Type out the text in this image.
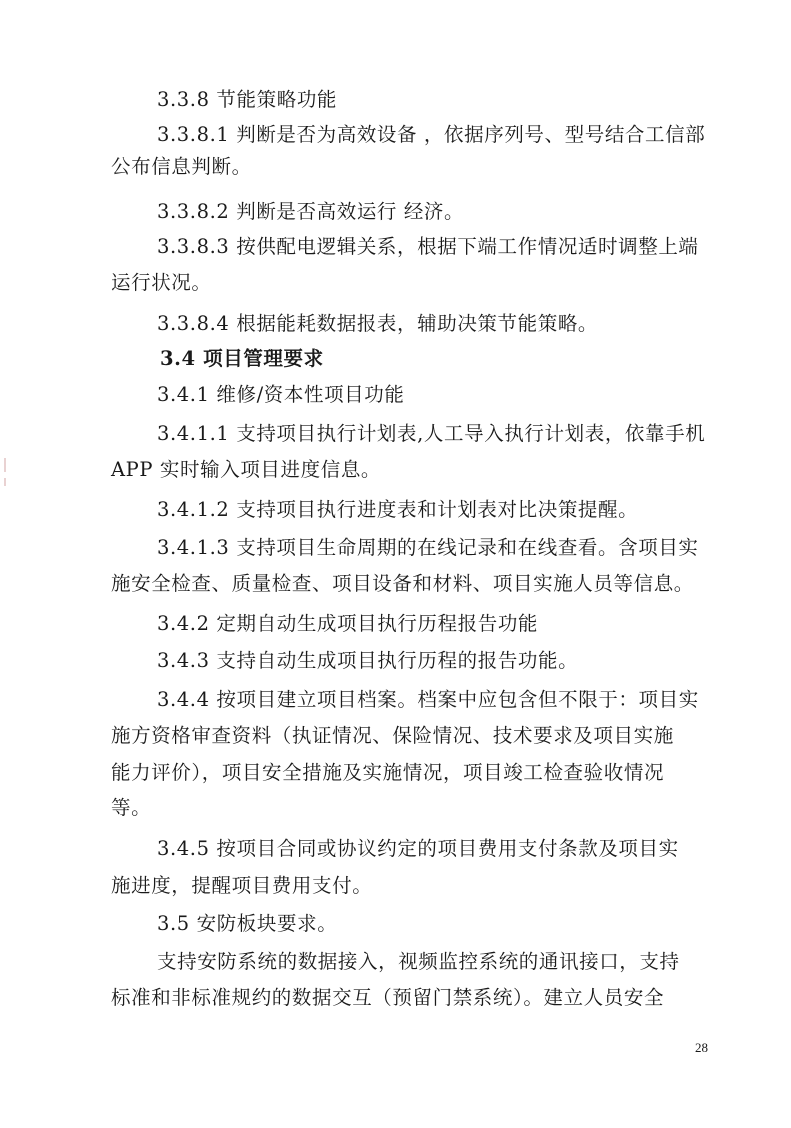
3.3.8 节能策略功能
3.3.8.1 判断是否为高效设备 ，依据序列号、型号结合工信部
公布信息判断。
3.3.8.2 判断是否高效运行 经济。
3.3.8.3 按供配电逻辑关系，根据下端工作情况适时调整上端
运行状况。
3.3.8.4 根据能耗数据报表，辅助决策节能策略。
3.4 项目管理要求
3.4.1 维修/资本性项目功能
3.4.1.1 支持项目执行计划表,人工导入执行计划表，依靠手机
APP 实时输入项目进度信息。
3.4.1.2 支持项目执行进度表和计划表对比决策提醒。
3.4.1.3 支持项目生命周期的在线记录和在线查看。含项目实
施安全检查、质量检查、项目设备和材料、项目实施人员等信息。
3.4.2 定期自动生成项目执行历程报告功能
3.4.3 支持自动生成项目执行历程的报告功能。
3.4.4 按项目建立项目档案。档案中应包含但不限于：项目实
施方资格审查资料（执证情况、保险情况、技术要求及项目实施
能力评价），项目安全措施及实施情况，项目竣工检查验收情况
等。
3.4.5 按项目合同或协议约定的项目费用支付条款及项目实
施进度，提醒项目费用支付。
3.5 安防板块要求。
支持安防系统的数据接入，视频监控系统的通讯接口，支持
标准和非标准规约的数据交互（预留门禁系统）。建立人员安全
28
